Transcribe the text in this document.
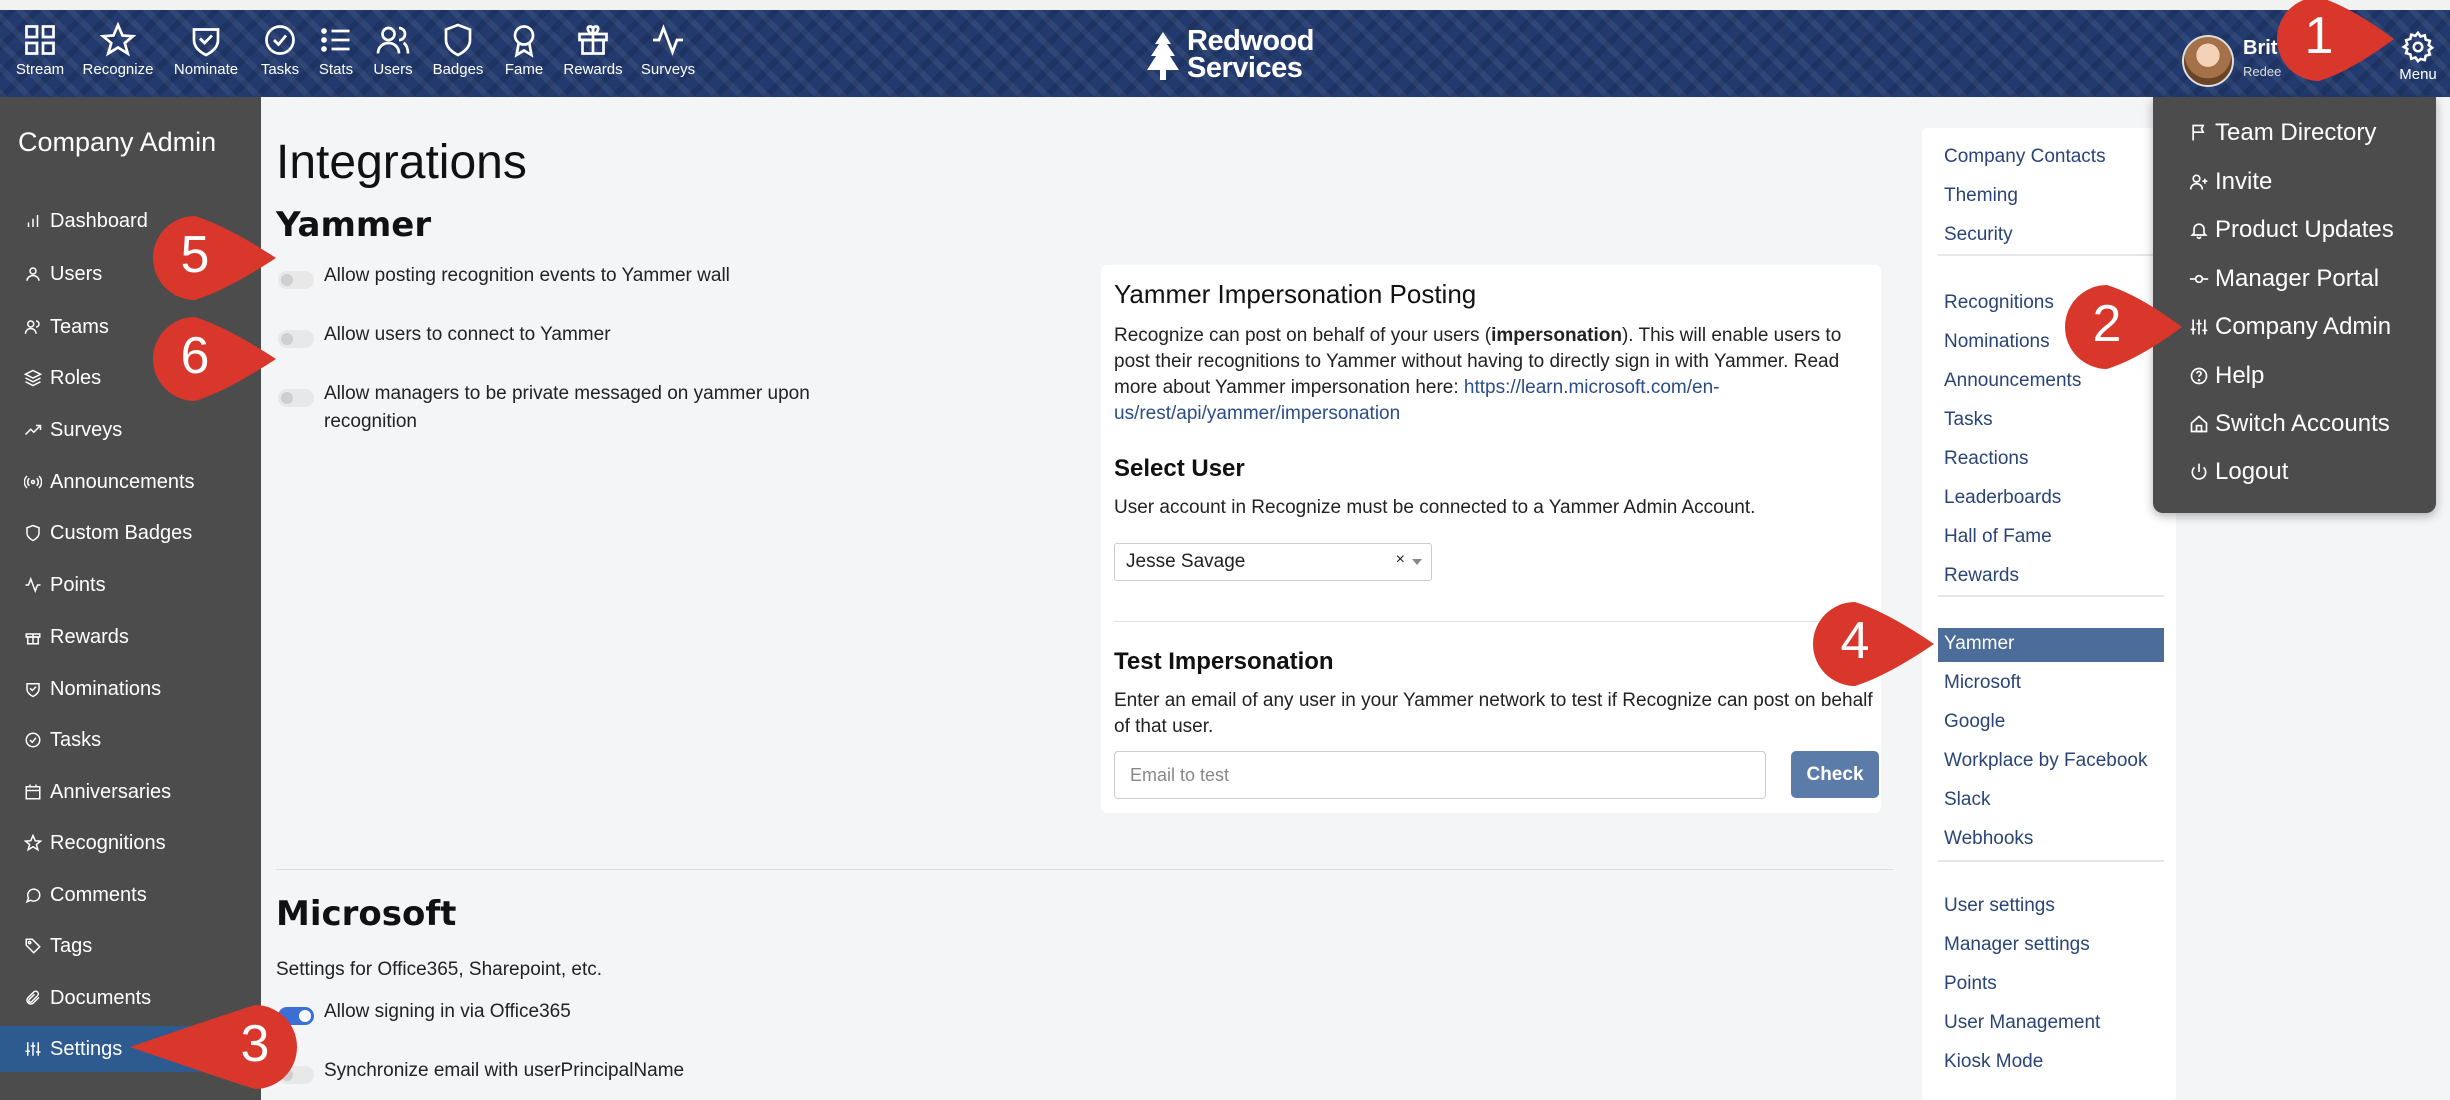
Stream	Recognize	Nominate	Tasks	Stats	Users	Badges	Fame	Rewards	Surveys
Redwood
Services
Brit
Redee	Menu
Company Admin
Dashboard
Users
Teams
Roles
Surveys
Announcements
Custom Badges
Points
Rewards
Nominations
Tasks
Anniversaries
Recognitions
Comments
Tags
Documents
Settings
Integrations
Yammer
Allow posting recognition events to Yammer wall
Allow users to connect to Yammer
Allow managers to be private messaged on yammer upon recognition
Yammer Impersonation Posting
Recognize can post on behalf of your users (impersonation). This will enable users to post their recognitions to Yammer without having to directly sign in with Yammer. Read more about Yammer impersonation here: https://learn.microsoft.com/en-us/rest/api/yammer/impersonation
Select User
User account in Recognize must be connected to a Yammer Admin Account.
Jesse Savage	×
Test Impersonation
Enter an email of any user in your Yammer network to test if Recognize can post on behalf of that user.
Email to test
Check
Microsoft
Settings for Office365, Sharepoint, etc.
Allow signing in via Office365
Synchronize email with userPrincipalName
Company Contacts
Theming
Security
Recognitions
Nominations
Announcements
Tasks
Reactions
Leaderboards
Hall of Fame
Rewards
Yammer
Microsoft
Google
Workplace by Facebook
Slack
Webhooks
User settings
Manager settings
Points
User Management
Kiosk Mode
Team Directory
Invite
Product Updates
Manager Portal
Company Admin
Help
Switch Accounts
Logout
1
2
4
5
6
3
